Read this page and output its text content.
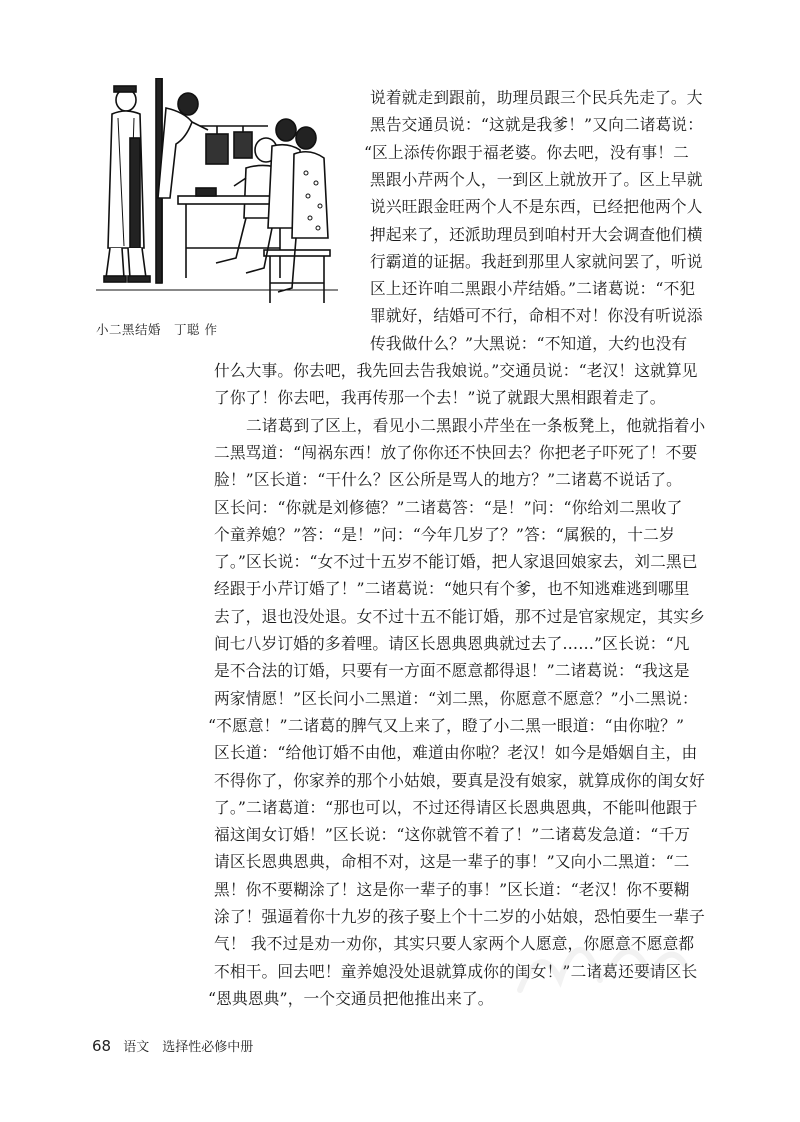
小二黑结婚　丁聪 作
说着就走到跟前，助理员跟三个民兵先走了。大
黑告交通员说：“这就是我爹！”又向二诸葛说：
“区上添传你跟于福老婆。你去吧，没有事！二
黑跟小芹两个人，一到区上就放开了。区上早就
说兴旺跟金旺两个人不是东西，已经把他两个人
押起来了，还派助理员到咱村开大会调查他们横
行霸道的证据。我赶到那里人家就问罢了，听说
区上还许咱二黑跟小芹结婚。”二诸葛说：“不犯
罪就好，结婚可不行，命相不对！你没有听说添
传我做什么？”大黑说：“不知道，大约也没有
什么大事。你去吧，我先回去告我娘说。”交通员说：“老汉！这就算见
了你了！你去吧，我再传那一个去！”说了就跟大黑相跟着走了。
二诸葛到了区上，看见小二黑跟小芹坐在一条板凳上，他就指着小
二黑骂道：“闯祸东西！放了你你还不快回去？你把老子吓死了！不要
脸！”区长道：“干什么？区公所是骂人的地方？”二诸葛不说话了。
区长问：“你就是刘修德？”二诸葛答：“是！”问：“你给刘二黑收了
个童养媳？”答：“是！”问：“今年几岁了？”答：“属猴的，十二岁
了。”区长说：“女不过十五岁不能订婚，把人家退回娘家去，刘二黑已
经跟于小芹订婚了！”二诸葛说：“她只有个爹，也不知逃难逃到哪里
去了，退也没处退。女不过十五不能订婚，那不过是官家规定，其实乡
间七八岁订婚的多着哩。请区长恩典恩典就过去了……”区长说：“凡
是不合法的订婚，只要有一方面不愿意都得退！”二诸葛说：“我这是
两家情愿！”区长问小二黑道：“刘二黑，你愿意不愿意？”小二黑说：
“不愿意！”二诸葛的脾气又上来了，瞪了小二黑一眼道：“由你啦？”
区长道：“给他订婚不由他，难道由你啦？老汉！如今是婚姻自主，由
不得你了，你家养的那个小姑娘，要真是没有娘家，就算成你的闺女好
了。”二诸葛道：“那也可以，不过还得请区长恩典恩典，不能叫他跟于
福这闺女订婚！”区长说：“这你就管不着了！”二诸葛发急道：“千万
请区长恩典恩典，命相不对，这是一辈子的事！”又向小二黑道：“二
黑！你不要糊涂了！这是你一辈子的事！”区长道：“老汉！你不要糊
涂了！强逼着你十九岁的孩子娶上个十二岁的小姑娘，恐怕要生一辈子
气！ 我不过是劝一劝你，其实只要人家两个人愿意，你愿意不愿意都
不相干。回去吧！童养媳没处退就算成你的闺女！”二诸葛还要请区长
“恩典恩典”，一个交通员把他推出来了。
68 语文　选择性必修中册
